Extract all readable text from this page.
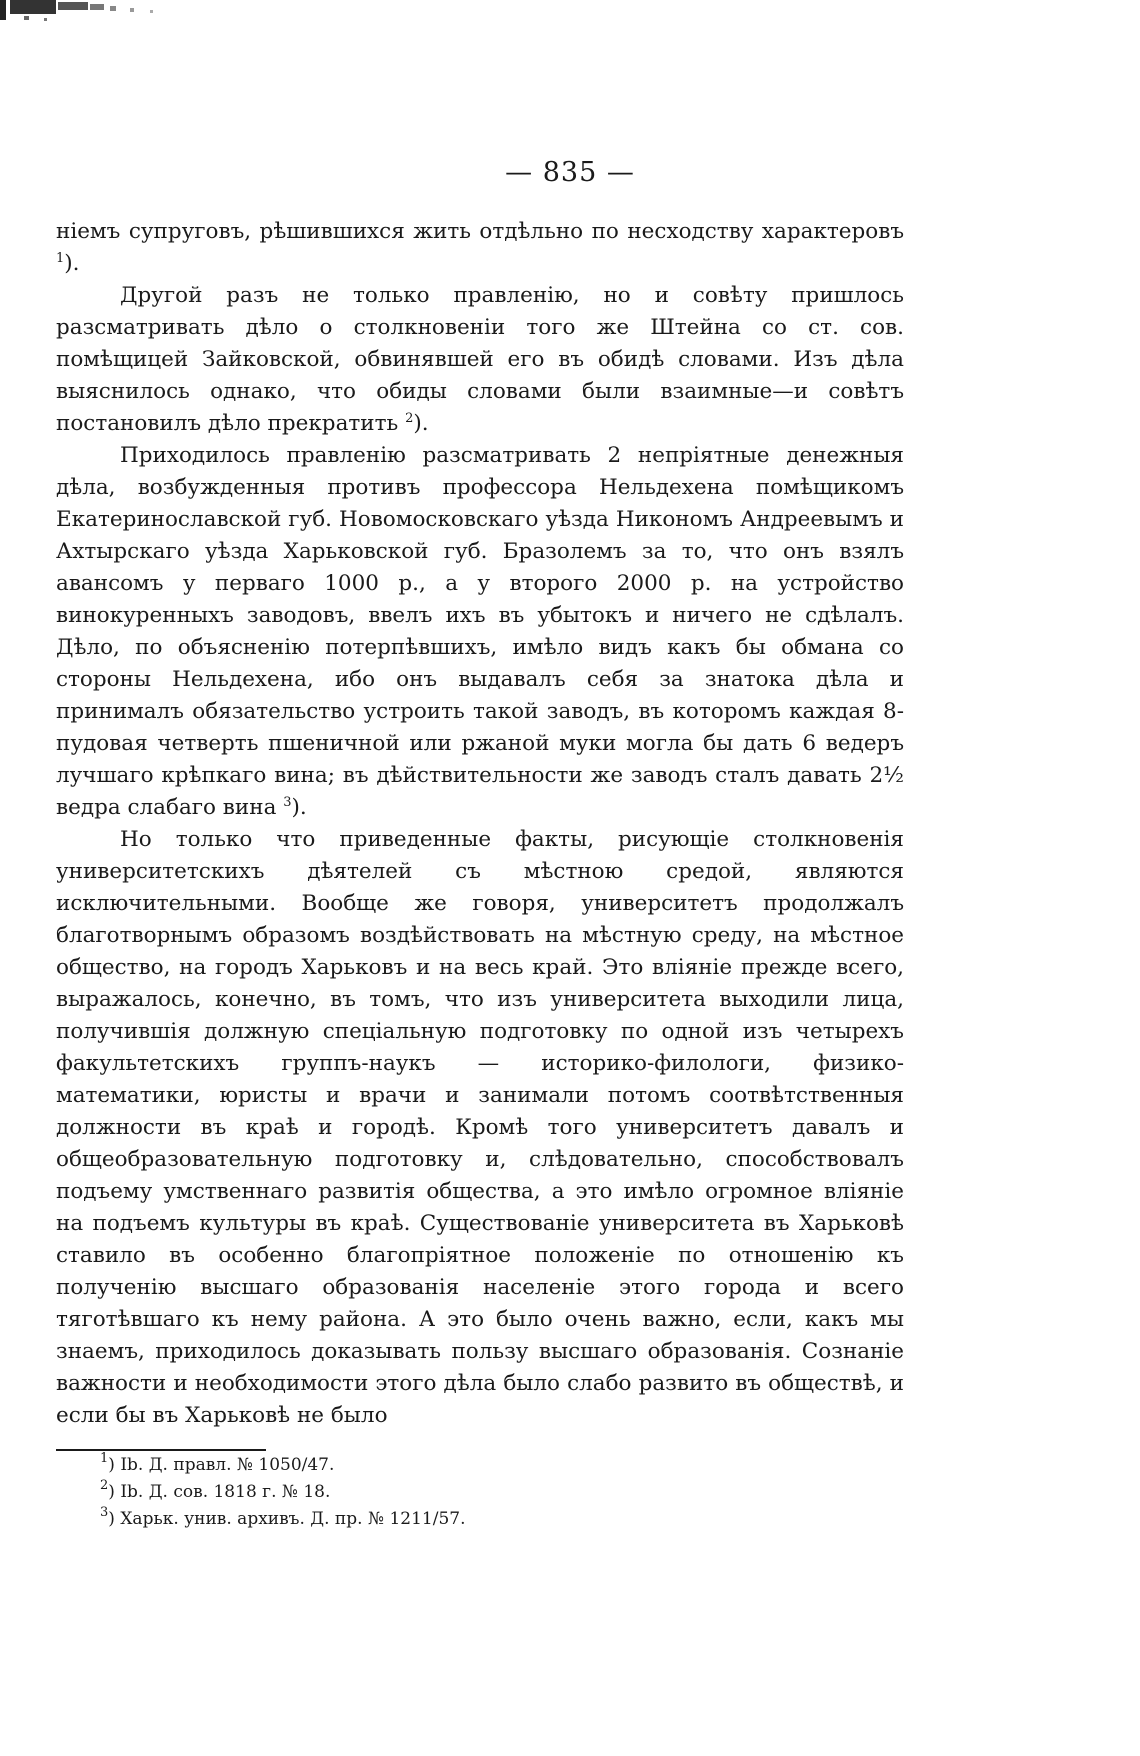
— 835 —

ніемъ супруговъ, рѣшившихся жить отдѣльно по несходству характеровъ $^1$).

Другой разъ не только правленію, но и совѣту пришлось разсматривать дѣло о столкновеніи того же Штейна со ст. сов. помѣщицей Зайковской, обвинявшей его въ обидѣ словами. Изъ дѣла выяснилось однако, что обиды словами были взаимные—и совѣтъ постановилъ дѣло прекратить $^2$).

Приходилось правленію разсматривать 2 непріятные денежныя дѣла, возбужденныя противъ профессора Нельдехена помѣщикомъ Екатеринославской губ. Новомосковскаго уѣзда Никономъ Андреевымъ и Ахтырскаго уѣзда Харьковской губ. Бразолемъ за то, что онъ взялъ авансомъ у перваго 1000 р., а у второго 2000 р. на устройство винокуренныхъ заводовъ, ввелъ ихъ въ убытокъ и ничего не сдѣлалъ. Дѣло, по объясненію потерпѣвшихъ, имѣло видъ какъ бы обмана со стороны Нельдехена, ибо онъ выдавалъ себя за знатока дѣла и принималъ обязательство устроить такой заводъ, въ которомъ каждая 8-пудовая четверть пшеничной или ржаной муки могла бы дать 6 ведеръ лучшаго крѣпкаго вина; въ дѣйствительности же заводъ сталъ давать 2½ ведра слабаго вина $^3$).

Но только что приведенные факты, рисующіе столкновенія университетскихъ дѣятелей съ мѣстною средой, являются исключительными. Вообще же говоря, университетъ продолжалъ благотворнымъ образомъ воздѣйствовать на мѣстную среду, на мѣстное общество, на городъ Харьковъ и на весь край. Это вліяніе прежде всего, выражалось, конечно, въ томъ, что изъ университета выходили лица, получившія должную спеціальную подготовку по одной изъ четырехъ факультетскихъ группъ-наукъ — историко-филологи, физико-математики, юристы и врачи и занимали потомъ соотвѣтственныя должности въ краѣ и городѣ. Кромѣ того университетъ давалъ и общеобразовательную подготовку и, слѣдовательно, способствовалъ подъему умственнаго развитія общества, а это имѣло огромное вліяніе на подъемъ культуры въ краѣ. Существованіе университета въ Харьковѣ ставило въ особенно благопріятное положеніе по отношенію къ полученію высшаго образованія населеніе этого города и всего тяготѣвшаго къ нему района. А это было очень важно, если, какъ мы знаемъ, приходилось доказывать пользу высшаго образованія. Сознаніе важности и необходимости этого дѣла было слабо развито въ обществѣ, и если бы въ Харьковѣ не было

$^1$) Іb. Д. правл. № 1050/47.
$^2$) Іb. Д. сов. 1818 г. № 18.
$^3$) Харьк. унив. архивъ. Д. пр. № 1211/57.
